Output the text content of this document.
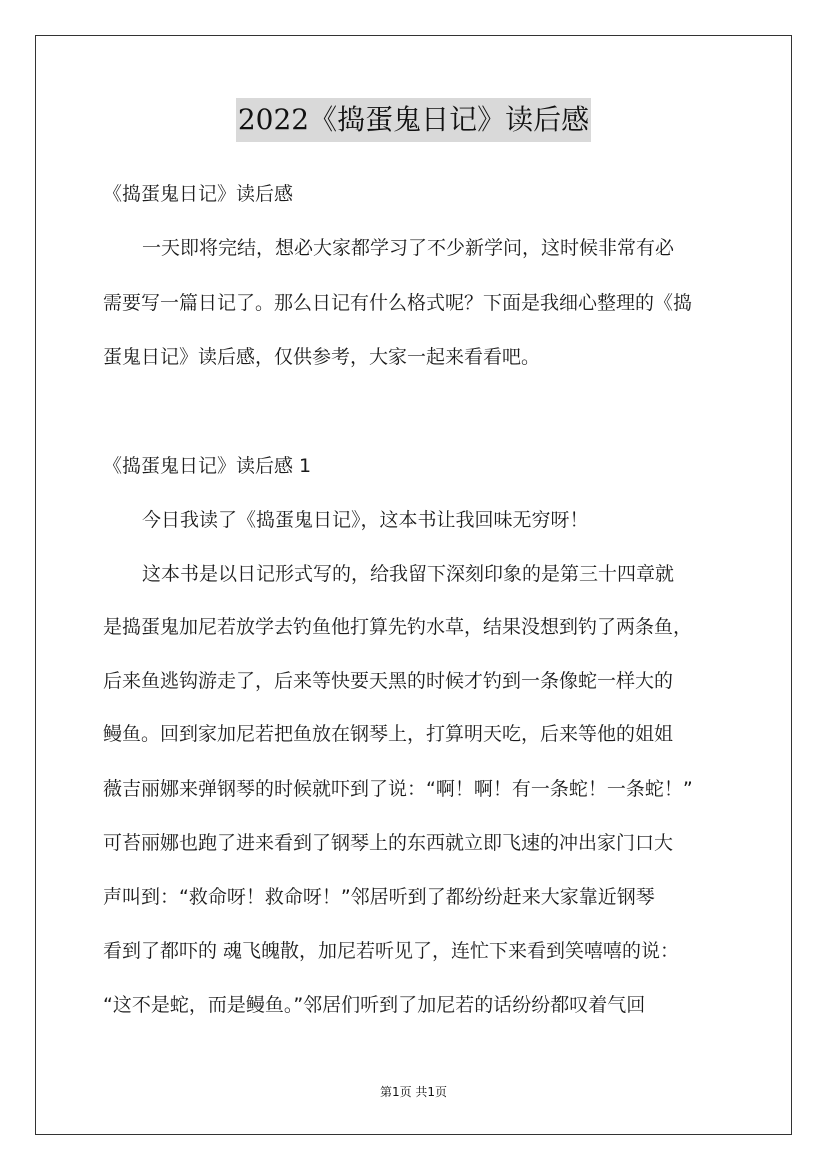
2022《捣蛋鬼日记》读后感
《捣蛋鬼日记》读后感
一天即将完结，想必大家都学习了不少新学问，这时候非常有必
需要写一篇日记了。那么日记有什么格式呢？下面是我细心整理的《捣
蛋鬼日记》读后感，仅供参考，大家一起来看看吧。
《捣蛋鬼日记》读后感 1
今日我读了《捣蛋鬼日记》，这本书让我回味无穷呀！
这本书是以日记形式写的，给我留下深刻印象的是第三十四章就
是捣蛋鬼加尼若放学去钓鱼他打算先钓水草，结果没想到钓了两条鱼，
后来鱼逃钩游走了，后来等快要天黑的时候才钓到一条像蛇一样大的
鳗鱼。回到家加尼若把鱼放在钢琴上，打算明天吃，后来等他的姐姐
薇吉丽娜来弹钢琴的时候就吓到了说：“啊！啊！有一条蛇！一条蛇！”
可苔丽娜也跑了进来看到了钢琴上的东西就立即飞速的冲出家门口大
声叫到：“救命呀！救命呀！”邻居听到了都纷纷赶来大家靠近钢琴
看到了都吓的 魂飞魄散，加尼若听见了，连忙下来看到笑嘻嘻的说：
“这不是蛇，而是鳗鱼。”邻居们听到了加尼若的话纷纷都叹着气回
第1页 共1页
